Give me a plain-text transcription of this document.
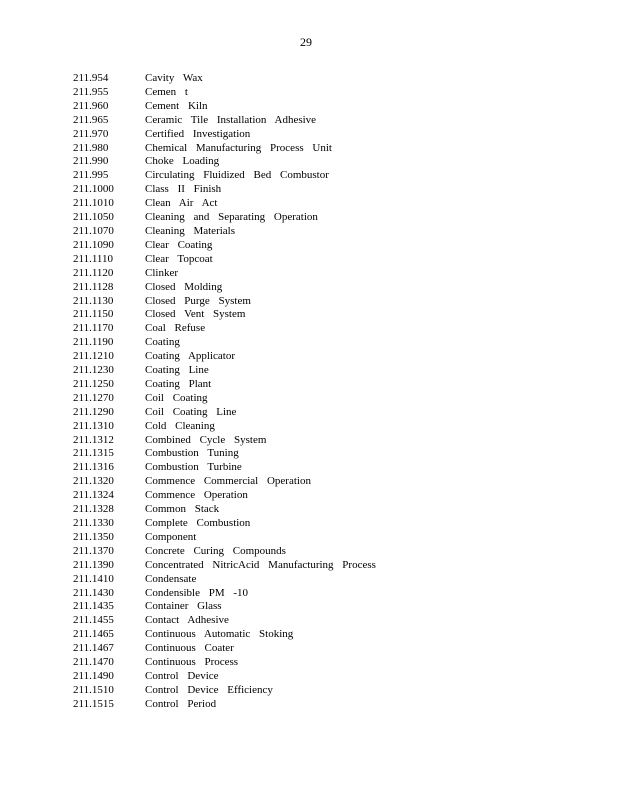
29
211.954	Cavity Wax
211.955	Cemen t
211.960	Cement Kiln
211.965	Ceramic Tile Installation Adhesive
211.970	Certified Investigation
211.980	Chemical Manufacturing Process Unit
211.990	Choke Loading
211.995	Circulating Fluidized Bed Combustor
211.1000	Class II Finish
211.1010	Clean Air Act
211.1050	Cleaning and Separating Operation
211.1070	Cleaning Materials
211.1090	Clear Coating
211.1110	Clear Topcoat
211.1120	Clinker
211.1128	Closed Molding
211.1130	Closed Purge System
211.1150	Closed Vent System
211.1170	Coal Refuse
211.1190	Coating
211.1210	Coating Applicator
211.1230	Coating Line
211.1250	Coating Plant
211.1270	Coil Coating
211.1290	Coil Coating Line
211.1310	Cold Cleaning
211.1312	Combined Cycle System
211.1315	Combustion Tuning
211.1316	Combustion Turbine
211.1320	Commence Commercial Operation
211.1324	Commence Operation
211.1328	Common Stack
211.1330	Complete Combustion
211.1350	Component
211.1370	Concrete Curing Compounds
211.1390	Concentrated NitricAcid Manufacturing Process
211.1410	Condensate
211.1430	Condensible PM -10
211.1435	Container Glass
211.1455	Contact Adhesive
211.1465	Continuous Automatic Stoking
211.1467	Continuous Coater
211.1470	Continuous Process
211.1490	Control Device
211.1510	Control Device Efficiency
211.1515	Control Period
